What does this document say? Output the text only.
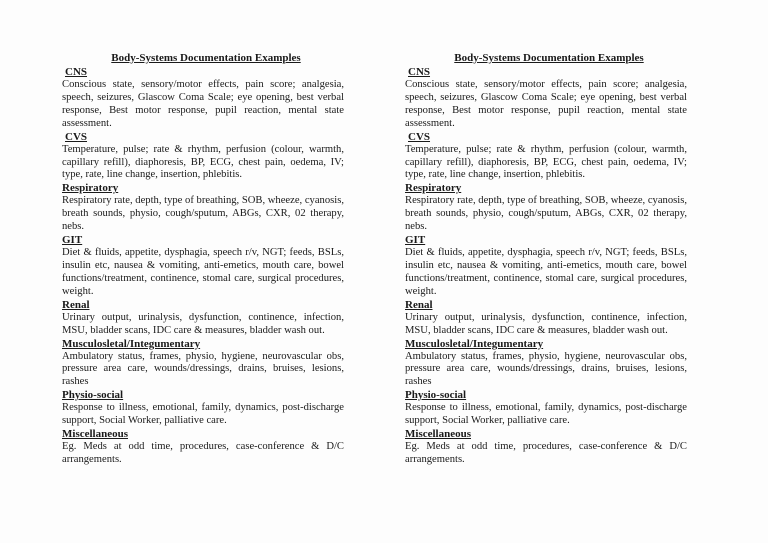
Body-Systems Documentation Examples

CNS

Conscious state, sensory/motor effects, pain score; analgesia, speech, seizures, Glascow Coma Scale; eye opening, best verbal response, Best motor response, pupil reaction, mental state assessment.

CVS

Temperature, pulse; rate & rhythm, perfusion (colour, warmth, capillary refill), diaphoresis, BP, ECG, chest pain, oedema, IV; type, rate, line change, insertion, phlebitis.

Respiratory

Respiratory rate, depth, type of breathing, SOB, wheeze, cyanosis, breath sounds, physio, cough/sputum, ABGs, CXR, 02 therapy, nebs.

GIT

Diet & fluids, appetite, dysphagia, speech r/v, NGT; feeds, BSLs, insulin etc, nausea & vomiting, anti-emetics, mouth care, bowel functions/treatment, continence, stomal care, surgical procedures, weight.

Renal

Urinary output, urinalysis, dysfunction, continence, infection, MSU, bladder scans, IDC care & measures, bladder wash out.

Musculosletal/Integumentary

Ambulatory status, frames, physio, hygiene, neurovascular obs, pressure area care, wounds/dressings, drains, bruises, lesions, rashes

Physio-social

Response to illness, emotional, family, dynamics, post-discharge support, Social Worker, palliative care.

Miscellaneous

Eg. Meds at odd time, procedures, case-conference & D/C arrangements.

Body-Systems Documentation Examples

CNS

Conscious state, sensory/motor effects, pain score; analgesia, speech, seizures, Glascow Coma Scale; eye opening, best verbal response, Best motor response, pupil reaction, mental state assessment.

CVS

Temperature, pulse; rate & rhythm, perfusion (colour, warmth, capillary refill), diaphoresis, BP, ECG, chest pain, oedema, IV; type, rate, line change, insertion, phlebitis.

Respiratory

Respiratory rate, depth, type of breathing, SOB, wheeze, cyanosis, breath sounds, physio, cough/sputum, ABGs, CXR, 02 therapy, nebs.

GIT

Diet & fluids, appetite, dysphagia, speech r/v, NGT; feeds, BSLs, insulin etc, nausea & vomiting, anti-emetics, mouth care, bowel functions/treatment, continence, stomal care, surgical procedures, weight.

Renal

Urinary output, urinalysis, dysfunction, continence, infection, MSU, bladder scans, IDC care & measures, bladder wash out.

Musculosletal/Integumentary

Ambulatory status, frames, physio, hygiene, neurovascular obs, pressure area care, wounds/dressings, drains, bruises, lesions, rashes

Physio-social

Response to illness, emotional, family, dynamics, post-discharge support, Social Worker, palliative care.

Miscellaneous

Eg. Meds at odd time, procedures, case-conference & D/C arrangements.
